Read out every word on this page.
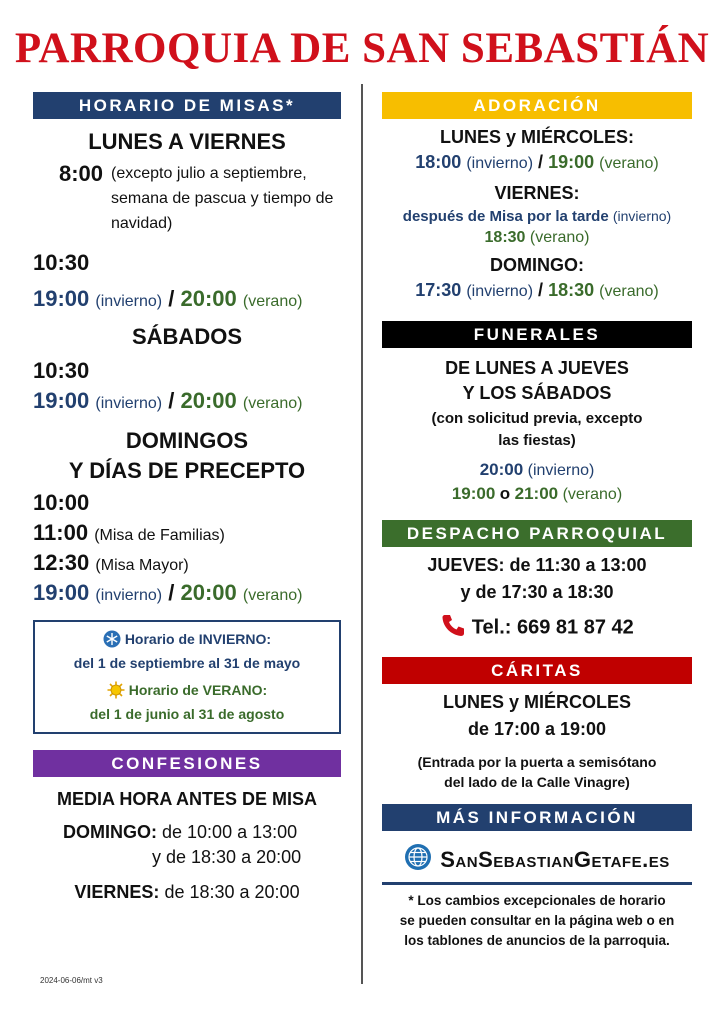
PARROQUIA DE SAN SEBASTIÁN
HORARIO DE MISAS*
LUNES A VIERNES
8:00 (excepto julio a septiembre, semana de pascua y tiempo de navidad)
10:30
19:00 (invierno) / 20:00 (verano)
SÁBADOS
10:30
19:00 (invierno) / 20:00 (verano)
DOMINGOS
Y DÍAS DE PRECEPTO
10:00
11:00 (Misa de Familias)
12:30 (Misa Mayor)
19:00 (invierno) / 20:00 (verano)
Horario de INVIERNO:
del 1 de septiembre al 31 de mayo
Horario de VERANO:
del 1 de junio al 31 de agosto
CONFESIONES
MEDIA HORA ANTES DE MISA
DOMINGO: de 10:00 a 13:00
y de 18:30 a 20:00
VIERNES: de 18:30 a 20:00
ADORACIÓN
LUNES y MIÉRCOLES:
18:00 (invierno) / 19:00 (verano)
VIERNES:
después de Misa por la tarde (invierno)
18:30 (verano)
DOMINGO:
17:30 (invierno) / 18:30 (verano)
FUNERALES
DE LUNES A JUEVES
Y LOS SÁBADOS
(con solicitud previa, excepto
las fiestas)
20:00 (invierno)
19:00 o 21:00 (verano)
DESPACHO PARROQUIAL
JUEVES: de 11:30 a 13:00
y de 17:30 a 18:30
Tel.: 669 81 87 42
CÁRITAS
LUNES y MIÉRCOLES
de 17:00 a 19:00
(Entrada por la puerta a semisótano
del lado de la Calle Vinagre)
MÁS INFORMACIÓN
SanSebastianGetafe.es
* Los cambios excepcionales de horario
se pueden consultar en la página web o en
los tablones de anuncios de la parroquia.
2024-06-06/mt v3
